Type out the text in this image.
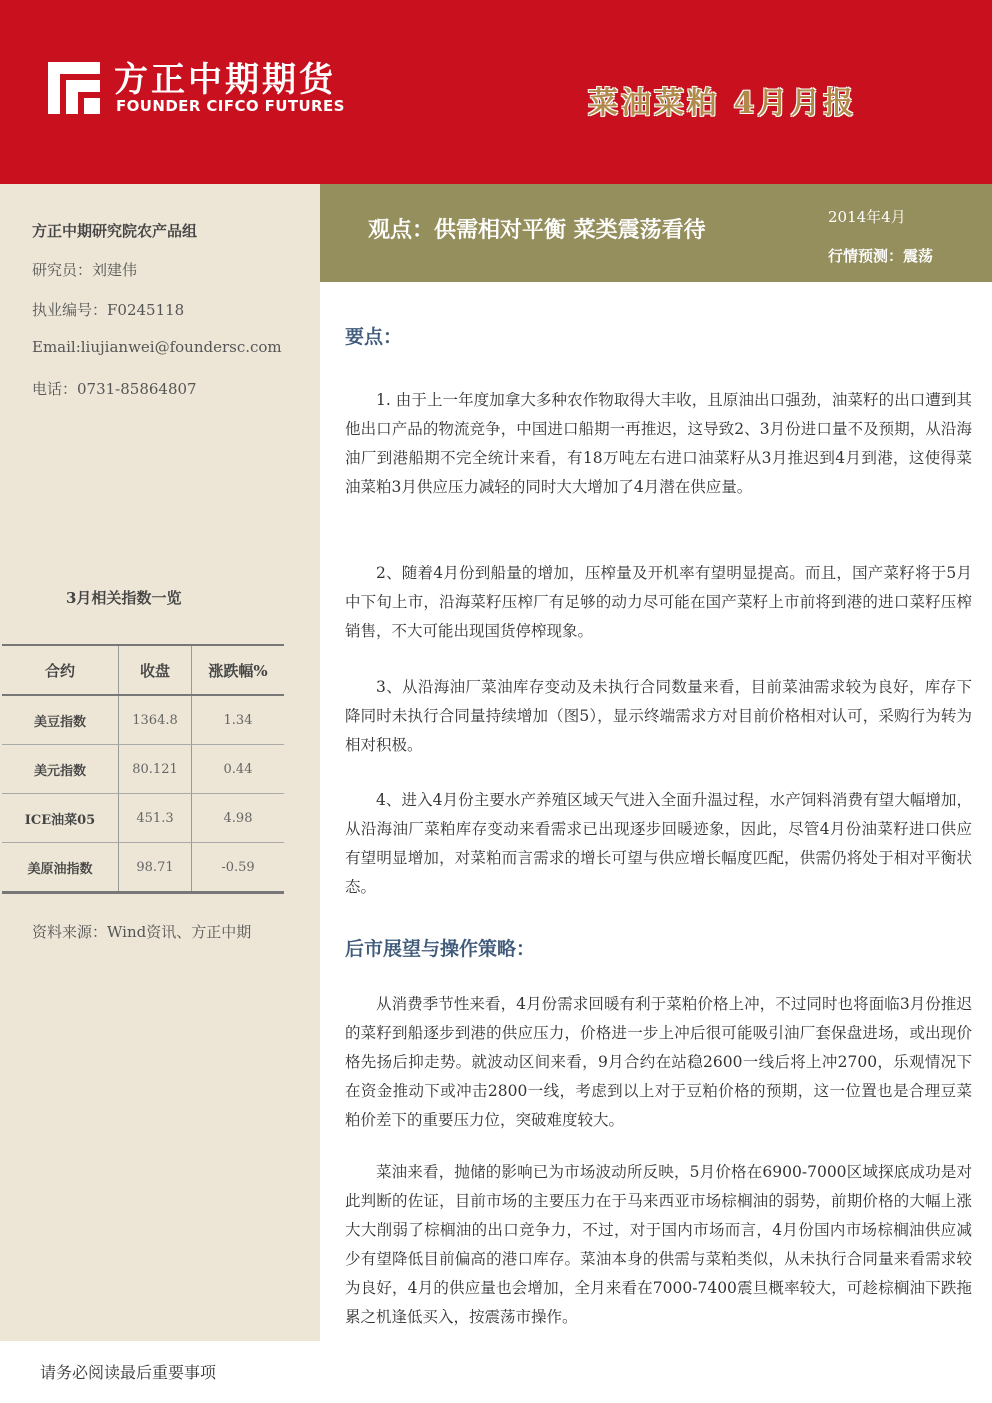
方正中期期货
FOUNDER CIFCO FUTURES	菜油菜粕 4月月报
方正中期研究院农产品组
研究员：刘建伟
执业编号：F0245118
Email:liujianwei@foundersc.com
电话：0731-85864807
3月相关指数一览
合约	收盘	涨跌幅%
美豆指数	1364.8	1.34
美元指数	80.121	0.44
ICE油菜05	451.3	4.98
美原油指数	98.71	-0.59
资料来源：Wind资讯、方正中期
观点：供需相对平衡 菜类震荡看待
2014年4月
行情预测：震荡
要点：

1. 由于上一年度加拿大多种农作物取得大丰收，且原油出口强劲，油菜籽的出口遭到其他出口产品的物流竞争，中国进口船期一再推迟，这导致2、3月份进口量不及预期，从沿海油厂到港船期不完全统计来看，有18万吨左右进口油菜籽从3月推迟到4月到港，这使得菜油菜粕3月供应压力减轻的同时大大增加了4月潜在供应量。

2、随着4月份到船量的增加，压榨量及开机率有望明显提高。而且，国产菜籽将于5月中下旬上市，沿海菜籽压榨厂有足够的动力尽可能在国产菜籽上市前将到港的进口菜籽压榨销售，不大可能出现国货停榨现象。

3、从沿海油厂菜油库存变动及未执行合同数量来看，目前菜油需求较为良好，库存下降同时未执行合同量持续增加（图5），显示终端需求方对目前价格相对认可，采购行为转为相对积极。

4、进入4月份主要水产养殖区域天气进入全面升温过程，水产饲料消费有望大幅增加，从沿海油厂菜粕库存变动来看需求已出现逐步回暖迹象，因此，尽管4月份油菜籽进口供应有望明显增加，对菜粕而言需求的增长可望与供应增长幅度匹配，供需仍将处于相对平衡状态。

后市展望与操作策略：

从消费季节性来看，4月份需求回暖有利于菜粕价格上冲，不过同时也将面临3月份推迟的菜籽到船逐步到港的供应压力，价格进一步上冲后很可能吸引油厂套保盘进场，或出现价格先扬后抑走势。就波动区间来看，9月合约在站稳2600一线后将上冲2700，乐观情况下在资金推动下或冲击2800一线，考虑到以上对于豆粕价格的预期，这一位置也是合理豆菜粕价差下的重要压力位，突破难度较大。

菜油来看，抛储的影响已为市场波动所反映，5月价格在6900-7000区域探底成功是对此判断的佐证，目前市场的主要压力在于马来西亚市场棕榈油的弱势，前期价格的大幅上涨大大削弱了棕榈油的出口竞争力，不过，对于国内市场而言，4月份国内市场棕榈油供应减少有望降低目前偏高的港口库存。菜油本身的供需与菜粕类似，从未执行合同量来看需求较为良好，4月的供应量也会增加，全月来看在7000-7400震旦概率较大，可趁棕榈油下跌拖累之机逢低买入，按震荡市操作。

请务必阅读最后重要事项
